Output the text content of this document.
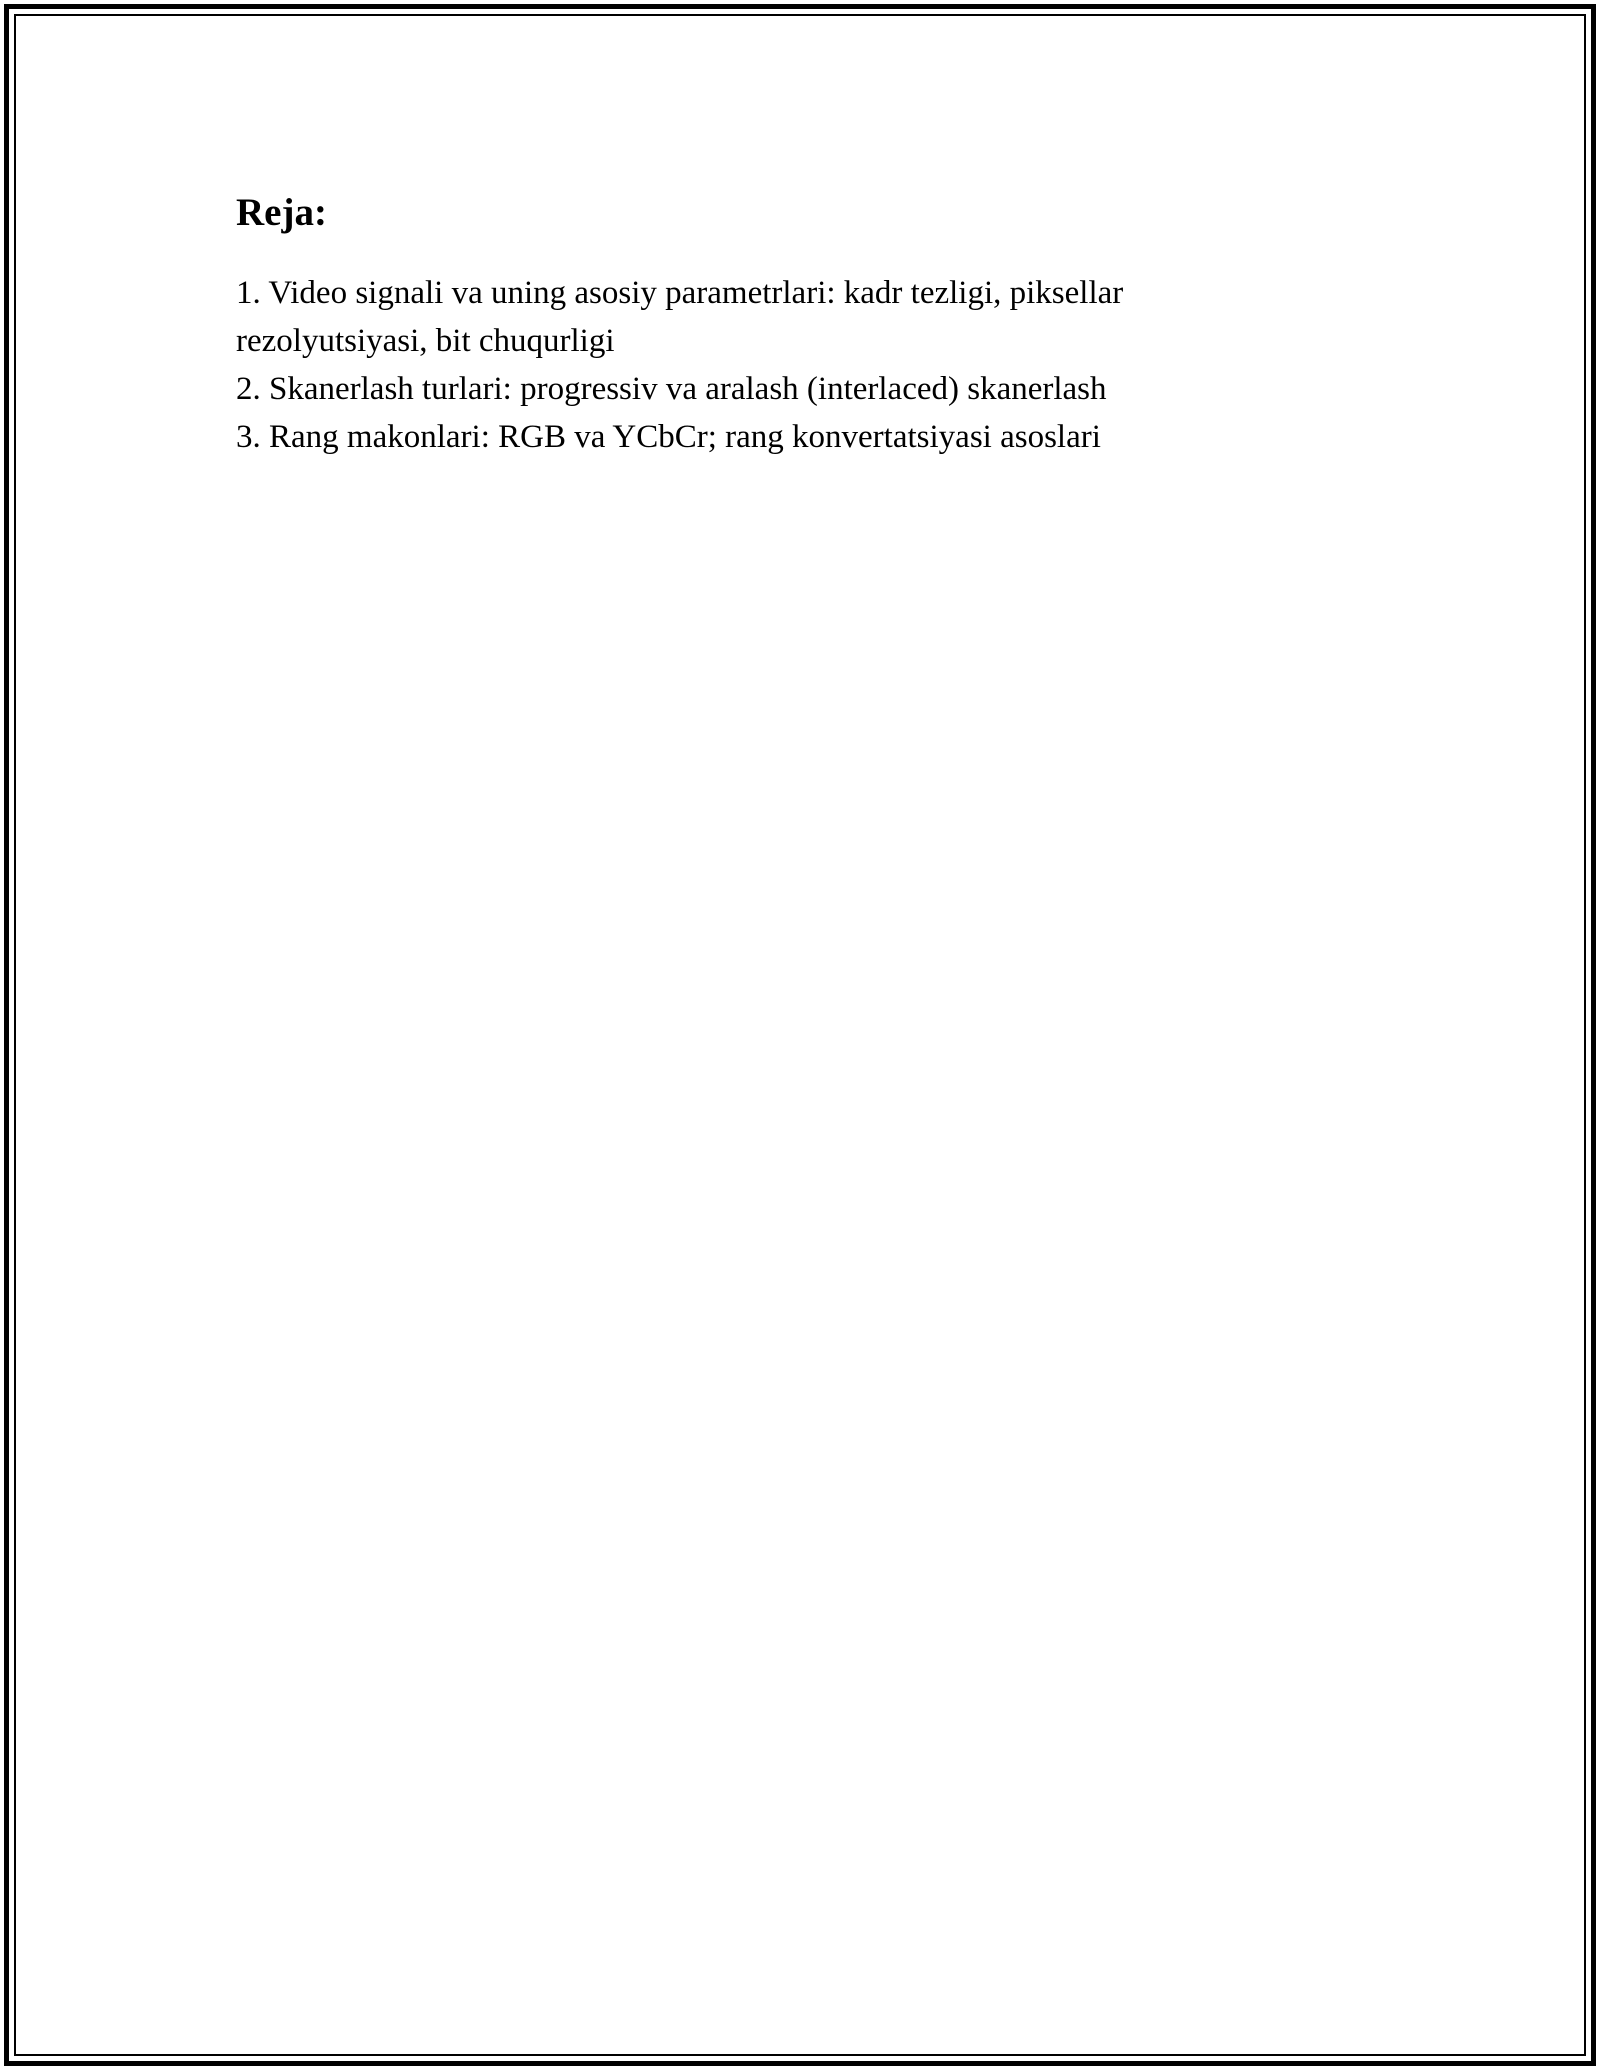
Reja:
1. Video signali va uning asosiy parametrlari: kadr tezligi, piksellar rezolyutsiyasi, bit chuqurligi
2. Skanerlash turlari: progressiv va aralash (interlaced) skanerlash
3. Rang makonlari: RGB va YCbCr; rang konvertatsiyasi asoslari
